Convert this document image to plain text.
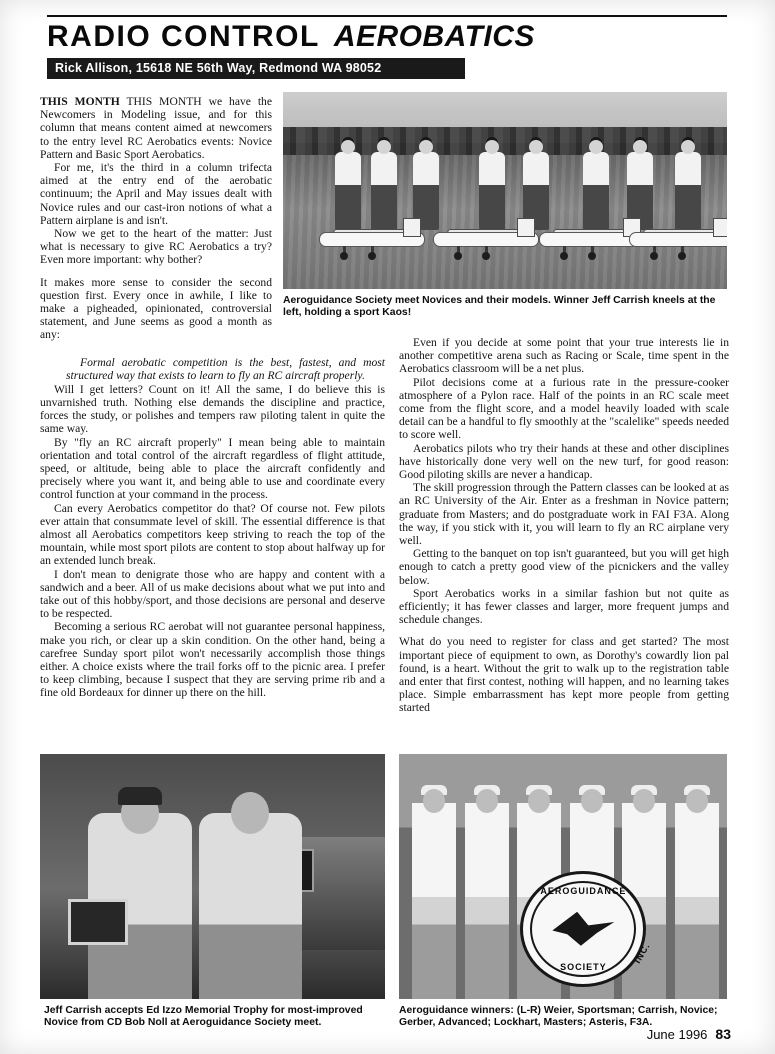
RADIO CONTROL AEROBATICS
Rick Allison, 15618 NE 56th Way, Redmond WA 98052
Aeroguidance Society meet Novices and their models. Winner Jeff Carrish kneels at the left, holding a sport Kaos!

THIS MONTH THIS MONTH we have the Newcomers in Modeling issue, and for this column that means content aimed at newcomers to the entry level RC Aerobatics events: Novice Pattern and Basic Sport Aerobatics.

For me, it's the third in a column trifecta aimed at the entry end of the aerobatic continuum; the April and May issues dealt with Novice rules and our cast-iron notions of what a Pattern airplane is and isn't.

Now we get to the heart of the matter: Just what is necessary to give RC Aerobatics a try? Even more important: why bother?

It makes more sense to consider the second question first. Every once in awhile, I like to make a pigheaded, opinionated, controversial statement, and June seems as good a month as any:

Formal aerobatic competition is the best, fastest, and most structured way that exists to learn to fly an RC aircraft properly.

Will I get letters? Count on it! All the same, I do believe this is unvarnished truth. Nothing else demands the discipline and practice, forces the study, or polishes and tempers raw piloting talent in quite the same way.

By "fly an RC aircraft properly" I mean being able to maintain orientation and total control of the aircraft regardless of flight attitude, speed, or altitude, being able to place the aircraft confidently and precisely where you want it, and being able to use and coordinate every control function at your command in the process.

Can every Aerobatics competitor do that? Of course not. Few pilots ever attain that consummate level of skill. The essential difference is that almost all Aerobatics competitors keep striving to reach the top of the mountain, while most sport pilots are content to stop about halfway up for an extended lunch break.

I don't mean to denigrate those who are happy and content with a sandwich and a beer. All of us make decisions about what we put into and take out of this hobby/sport, and those decisions are personal and deserve to be respected.

Becoming a serious RC aerobat will not guarantee personal happiness, make you rich, or clear up a skin condition. On the other hand, being a carefree Sunday sport pilot won't necessarily accomplish those things either. A choice exists where the trail forks off to the picnic area. I prefer to keep climbing, because I suspect that they are serving prime rib and a fine old Bordeaux for dinner up there on the hill.

Even if you decide at some point that your true interests lie in another competitive arena such as Racing or Scale, time spent in the Aerobatics classroom will be a net plus.

Pilot decisions come at a furious rate in the pressure-cooker atmosphere of a Pylon race. Half of the points in an RC scale meet come from the flight score, and a model heavily loaded with scale detail can be a handful to fly smoothly at the "scalelike" speeds needed to score well.

Aerobatics pilots who try their hands at these and other disciplines have historically done very well on the new turf, for good reason: Good piloting skills are never a handicap.

The skill progression through the Pattern classes can be looked at as an RC University of the Air. Enter as a freshman in Novice pattern; graduate from Masters; and do postgraduate work in FAI F3A. Along the way, if you stick with it, you will learn to fly an RC airplane very well.

Getting to the banquet on top isn't guaranteed, but you will get high enough to catch a pretty good view of the picnickers and the valley below.

Sport Aerobatics works in a similar fashion but not quite as efficiently; it has fewer classes and larger, more frequent jumps and schedule changes.

What do you need to register for class and get started? The most important piece of equipment to own, as Dorothy's cowardly lion pal found, is a heart. Without the grit to walk up to the registration table and enter that first contest, nothing will happen, and no learning takes place. Simple embarrassment has kept more people from getting started

AEROGUIDANCE
SOCIETY
INC.
Jeff Carrish accepts Ed Izzo Memorial Trophy for most-improved Novice from CD Bob Noll at Aeroguidance Society meet.
Aeroguidance winners: (L-R) Weier, Sportsman; Carrish, Novice; Gerber, Advanced; Lockhart, Masters; Asteris, F3A.
June 1996 83
